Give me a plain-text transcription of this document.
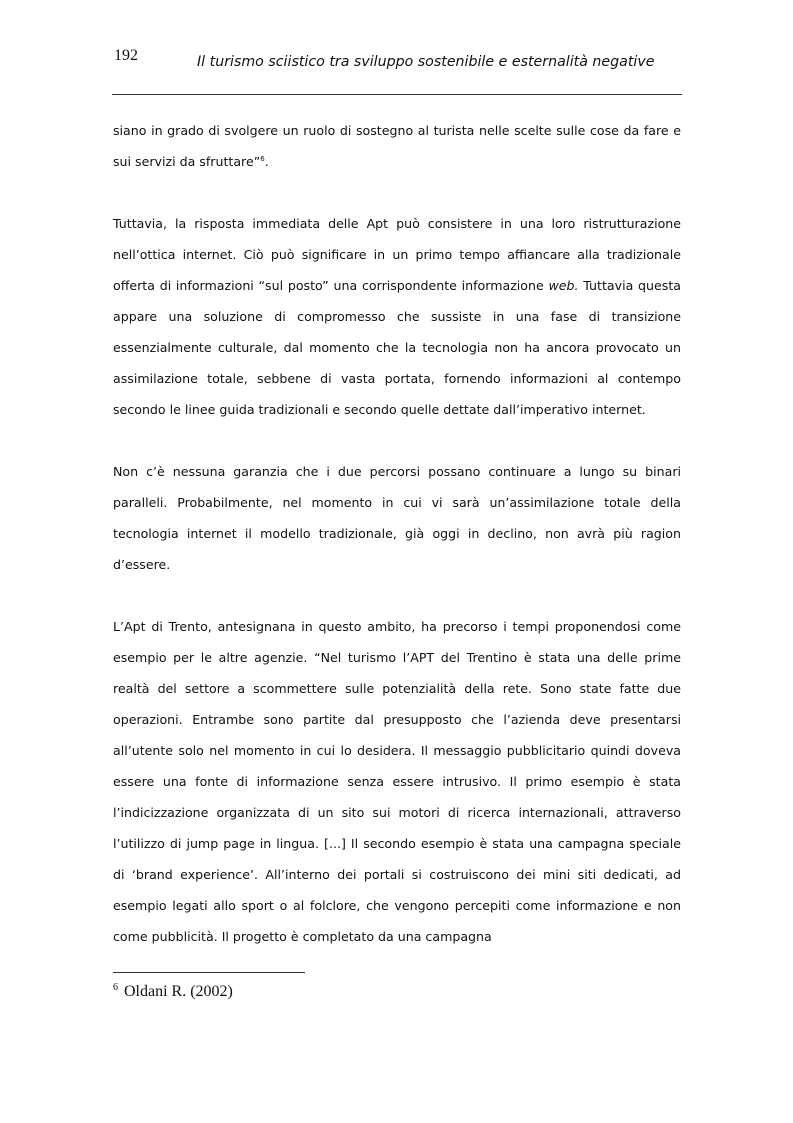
192	Il turismo sciistico tra sviluppo sostenibile e esternalità negative

siano in grado di svolgere un ruolo di sostegno al turista nelle scelte sulle cose da fare e sui servizi da sfruttare”$^6$.

Tuttavia, la risposta immediata delle Apt può consistere in una loro ristrutturazione nell’ottica internet. Ciò può significare in un primo tempo affiancare alla tradizionale offerta di informazioni “sul posto” una corrispondente informazione web. Tuttavia questa appare una soluzione di compromesso che sussiste in una fase di transizione essenzialmente culturale, dal momento che la tecnologia non ha ancora provocato un assimilazione totale, sebbene di vasta portata, fornendo informazioni al contempo secondo le linee guida tradizionali e secondo quelle dettate dall’imperativo internet.

Non c’è nessuna garanzia che i due percorsi possano continuare a lungo su binari paralleli. Probabilmente, nel momento in cui vi sarà un’assimilazione totale della tecnologia internet il modello tradizionale, già oggi in declino, non avrà più ragion d’essere.

L’Apt di Trento, antesignana in questo ambito, ha precorso i tempi proponendosi come esempio per le altre agenzie. “Nel turismo l’APT del Trentino è stata una delle prime realtà del settore a scommettere sulle potenzialità della rete. Sono state fatte due operazioni. Entrambe sono partite dal presupposto che l’azienda deve presentarsi all’utente solo nel momento in cui lo desidera. Il messaggio pubblicitario quindi doveva essere una fonte di informazione senza essere intrusivo. Il primo esempio è stata l’indicizzazione organizzata di un sito sui motori di ricerca internazionali, attraverso l’utilizzo di jump page in lingua. [...] Il secondo esempio è stata una campagna speciale di ‘brand experience’. All’interno dei portali si costruiscono dei mini siti dedicati, ad esempio legati allo sport o al folclore, che vengono percepiti come informazione e non come pubblicità. Il progetto è completato da una campagna

$^6$ Oldani R. (2002)
